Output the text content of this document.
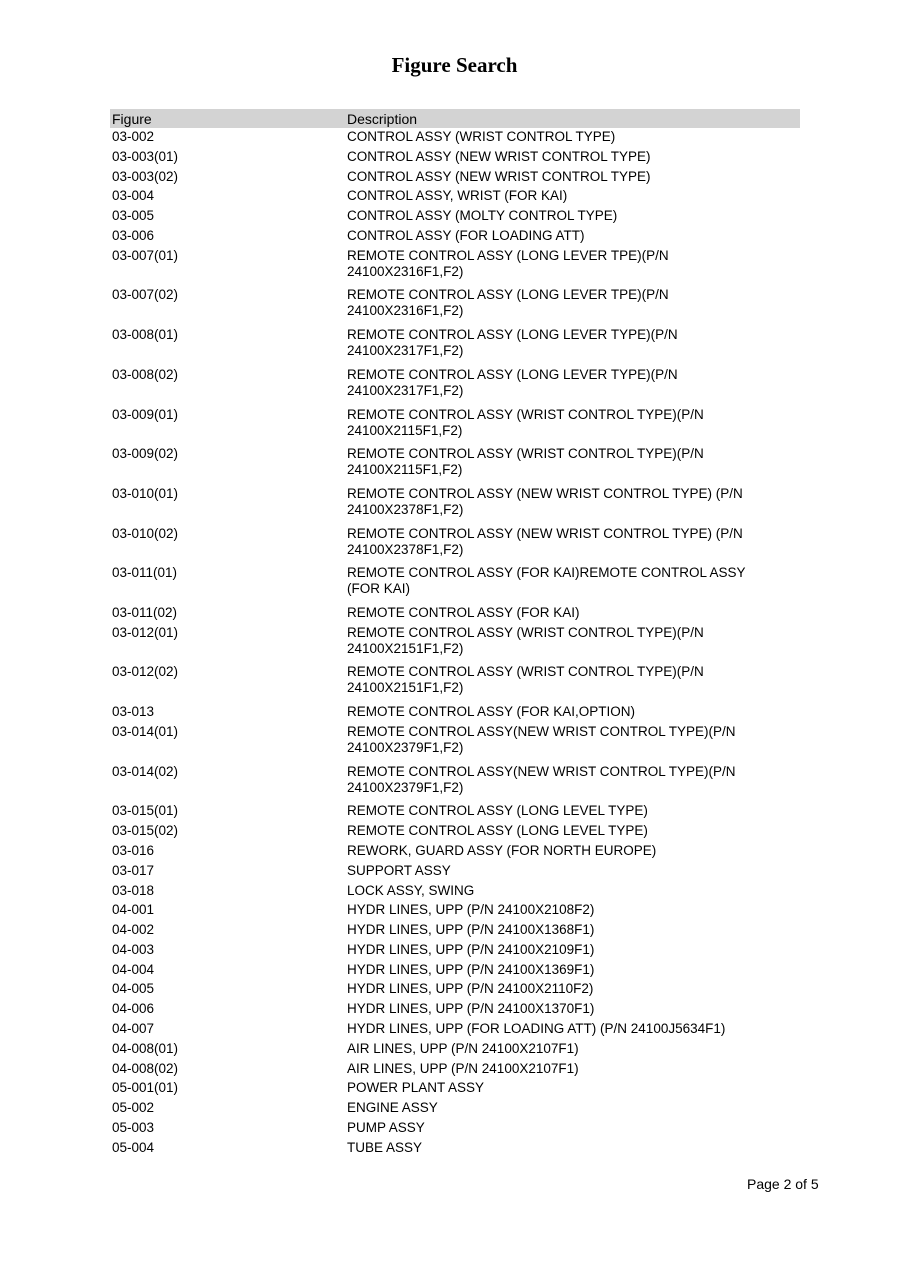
Figure Search
Figure	Description
03-002	CONTROL ASSY (WRIST CONTROL TYPE)
03-003(01)	CONTROL ASSY (NEW WRIST CONTROL TYPE)
03-003(02)	CONTROL ASSY (NEW WRIST CONTROL TYPE)
03-004	CONTROL ASSY, WRIST (FOR KAI)
03-005	CONTROL ASSY (MOLTY CONTROL TYPE)
03-006	CONTROL ASSY (FOR LOADING ATT)
03-007(01)	REMOTE CONTROL ASSY (LONG LEVER TPE)(P/N
24100X2316F1,F2)
03-007(02)	REMOTE CONTROL ASSY (LONG LEVER TPE)(P/N
24100X2316F1,F2)
03-008(01)	REMOTE CONTROL ASSY (LONG LEVER TYPE)(P/N
24100X2317F1,F2)
03-008(02)	REMOTE CONTROL ASSY (LONG LEVER TYPE)(P/N
24100X2317F1,F2)
03-009(01)	REMOTE CONTROL ASSY (WRIST CONTROL TYPE)(P/N
24100X2115F1,F2)
03-009(02)	REMOTE CONTROL ASSY (WRIST CONTROL TYPE)(P/N
24100X2115F1,F2)
03-010(01)	REMOTE CONTROL ASSY (NEW WRIST CONTROL TYPE) (P/N
24100X2378F1,F2)
03-010(02)	REMOTE CONTROL ASSY (NEW WRIST CONTROL TYPE) (P/N
24100X2378F1,F2)
03-011(01)	REMOTE CONTROL ASSY (FOR KAI)REMOTE CONTROL ASSY
(FOR KAI)
03-011(02)	REMOTE CONTROL ASSY (FOR KAI)
03-012(01)	REMOTE CONTROL ASSY (WRIST CONTROL TYPE)(P/N
24100X2151F1,F2)
03-012(02)	REMOTE CONTROL ASSY (WRIST CONTROL TYPE)(P/N
24100X2151F1,F2)
03-013	REMOTE CONTROL ASSY (FOR KAI,OPTION)
03-014(01)	REMOTE CONTROL ASSY(NEW WRIST CONTROL TYPE)(P/N
24100X2379F1,F2)
03-014(02)	REMOTE CONTROL ASSY(NEW WRIST CONTROL TYPE)(P/N
24100X2379F1,F2)
03-015(01)	REMOTE CONTROL ASSY (LONG LEVEL TYPE)
03-015(02)	REMOTE CONTROL ASSY (LONG LEVEL TYPE)
03-016	REWORK, GUARD ASSY (FOR NORTH EUROPE)
03-017	SUPPORT ASSY
03-018	LOCK ASSY, SWING
04-001	HYDR LINES, UPP (P/N 24100X2108F2)
04-002	HYDR LINES, UPP (P/N 24100X1368F1)
04-003	HYDR LINES, UPP (P/N 24100X2109F1)
04-004	HYDR LINES, UPP (P/N 24100X1369F1)
04-005	HYDR LINES, UPP (P/N 24100X2110F2)
04-006	HYDR LINES, UPP (P/N 24100X1370F1)
04-007	HYDR LINES, UPP (FOR LOADING ATT) (P/N 24100J5634F1)
04-008(01)	AIR LINES, UPP (P/N 24100X2107F1)
04-008(02)	AIR LINES, UPP (P/N 24100X2107F1)
05-001(01)	POWER PLANT ASSY
05-002	ENGINE ASSY
05-003	PUMP ASSY
05-004	TUBE ASSY
Page 2 of 5
